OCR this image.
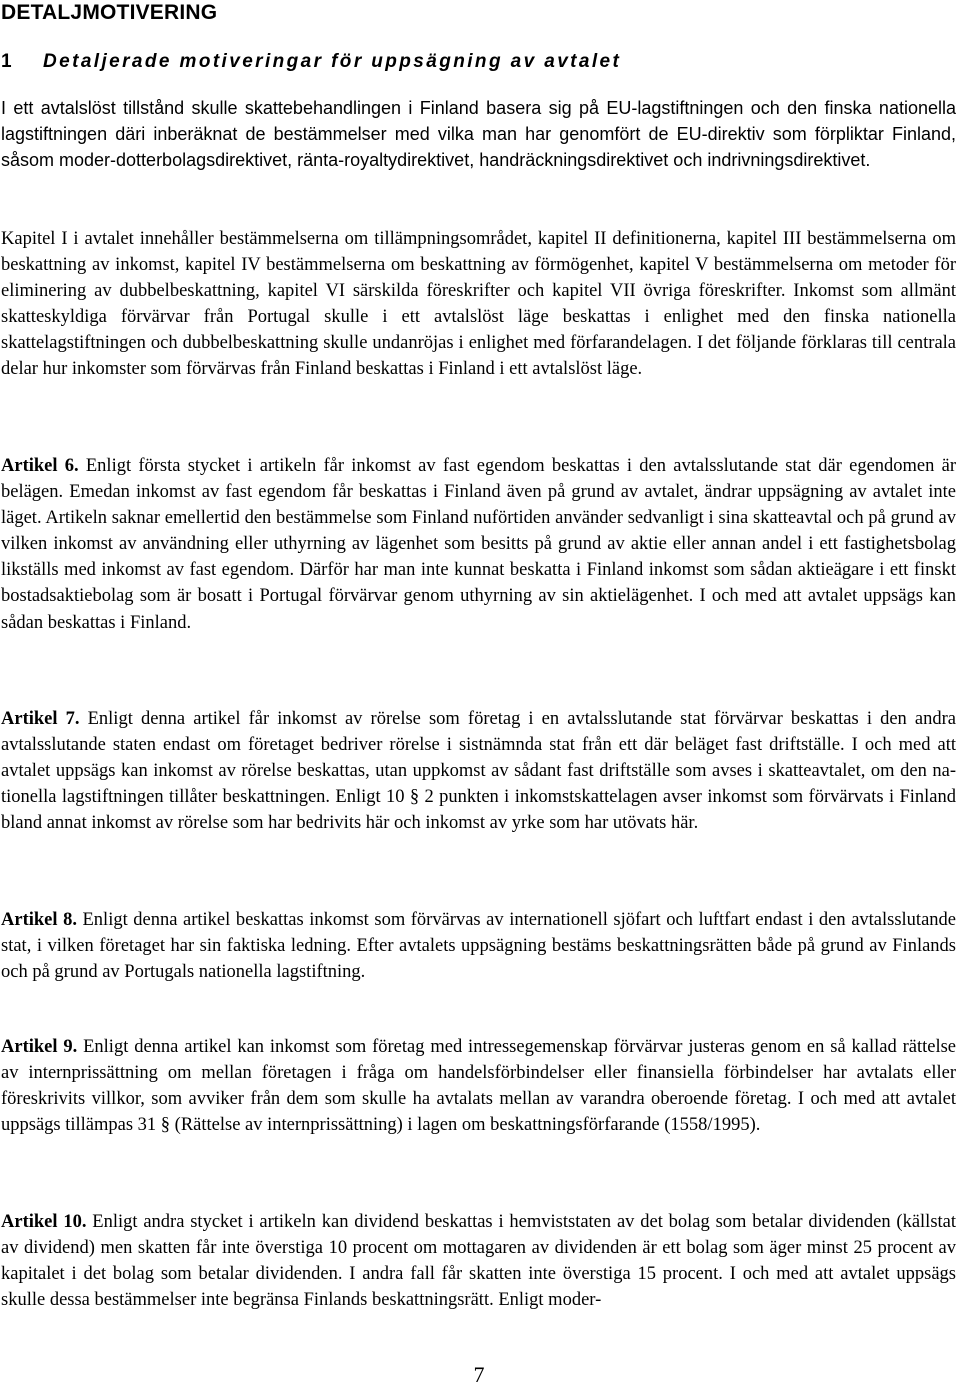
DETALJMOTIVERING
1 Detaljerade motiveringar för uppsägning av avtalet

I ett avtalslöst tillstånd skulle skattebehandlingen i Finland basera sig på EU-lagstiftningen och den finska nationella lagstiftningen däri inberäknat de bestämmelser med vilka man har genomfört de EU-direktiv som förpliktar Finland, såsom moder-dotterbolagsdirektivet, ränta-royaltydirektivet, handräckningsdirektivet och indrivningsdirektivet.

Kapitel I i avtalet innehåller bestämmelserna om tillämpningsområdet, kapitel II definitionerna, kapitel III bestämmelserna om beskattning av inkomst, kapitel IV bestämmelserna om beskattning av förmögenhet, kapitel V bestämmelserna om metoder för eliminering av dubbelbeskattning, kapitel VI särskilda föreskrifter och kapitel VII övriga föreskrifter. Inkomst som allmänt skatteskyldiga förvärvar från Portugal skulle i ett avtalslöst läge beskattas i enlighet med den finska nationella skattelagstiftningen och dubbelbeskattning skulle undanröjas i enlighet med förfarandelagen. I det följande förklaras till centrala delar hur inkomster som förvärvas från Finland beskattas i Finland i ett avtalslöst läge.

Artikel 6. Enligt första stycket i artikeln får inkomst av fast egendom beskattas i den avtalsslutande stat där egendomen är belägen. Emedan inkomst av fast egendom får beskattas i Finland även på grund av avtalet, ändrar uppsägning av avtalet inte läget. Artikeln saknar emellertid den bestämmelse som Finland nuförtiden använder sedvanligt i sina skatteavtal och på grund av vilken inkomst av användning eller uthyrning av lägenhet som besitts på grund av aktie eller annan andel i ett fastighetsbolag likställs med inkomst av fast egendom. Därför har man inte kunnat beskatta i Finland inkomst som sådan aktieägare i ett finskt bostadsaktiebolag som är bosatt i Portugal förvärvar genom uthyrning av sin aktielägenhet. I och med att avtalet uppsägs kan sådan beskattas i Finland.

Artikel 7. Enligt denna artikel får inkomst av rörelse som företag i en avtalsslutande stat förvärvar beskattas i den andra avtalsslutande staten endast om företaget bedriver rörelse i sistnämnda stat från ett där beläget fast driftställe. I och med att avtalet uppsägs kan inkomst av rörelse beskattas, utan uppkomst av sådant fast driftställe som avses i skatteavtalet, om den nationella lagstiftningen tillåter beskattningen. Enligt 10 § 2 punkten i inkomstskattelagen avser inkomst som förvärvats i Finland bland annat inkomst av rörelse som har bedrivits här och inkomst av yrke som har utövats här.

Artikel 8. Enligt denna artikel beskattas inkomst som förvärvas av internationell sjöfart och luftfart endast i den avtalsslutande stat, i vilken företaget har sin faktiska ledning. Efter avtalets uppsägning bestäms beskattningsrätten både på grund av Finlands och på grund av Portugals nationella lagstiftning.

Artikel 9. Enligt denna artikel kan inkomst som företag med intressegemenskap förvärvar justeras genom en så kallad rättelse av internprissättning om mellan företagen i fråga om handelsförbindelser eller finansiella förbindelser har avtalats eller föreskrivits villkor, som avviker från dem som skulle ha avtalats mellan av varandra oberoende företag. I och med att avtalet uppsägs tillämpas 31 § (Rättelse av internprissättning) i lagen om beskattningsförfarande (1558/1995).

Artikel 10. Enligt andra stycket i artikeln kan dividend beskattas i hemviststaten av det bolag som betalar dividenden (källstat av dividend) men skatten får inte överstiga 10 procent om mottagaren av dividenden är ett bolag som äger minst 25 procent av kapitalet i det bolag som betalar dividenden. I andra fall får skatten inte överstiga 15 procent. I och med att avtalet uppsägs skulle dessa bestämmelser inte begränsa Finlands beskattningsrätt. Enligt moder-

7
